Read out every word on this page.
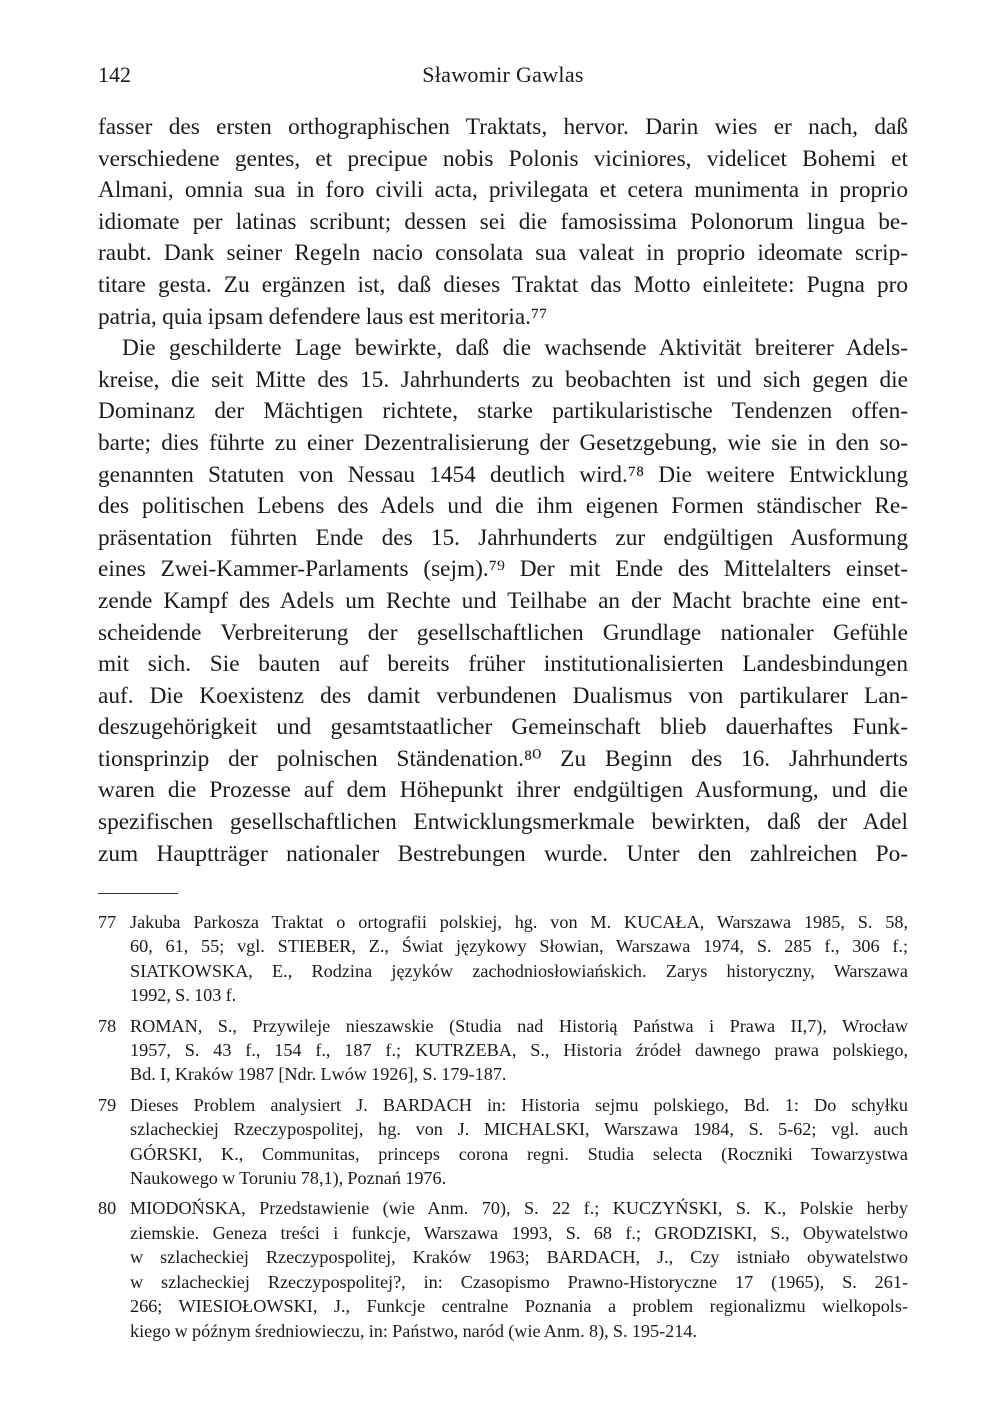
142	Sławomir Gawlas

fasser des ersten orthographischen Traktats, hervor. Darin wies er nach, daß
verschiedene gentes, et precipue nobis Polonis viciniores, videlicet Bohemi et
Almani, omnia sua in foro civili acta, privilegata et cetera munimenta in proprio
idiomate per latinas scribunt; dessen sei die famosissima Polonorum lingua be-
raubt. Dank seiner Regeln nacio consolata sua valeat in proprio ideomate scrip-
titare gesta. Zu ergänzen ist, daß dieses Traktat das Motto einleitete: Pugna pro
patria, quia ipsam defendere laus est meritoria.⁷⁷

Die geschilderte Lage bewirkte, daß die wachsende Aktivität breiterer Adels-
kreise, die seit Mitte des 15. Jahrhunderts zu beobachten ist und sich gegen die
Dominanz der Mächtigen richtete, starke partikularistische Tendenzen offen-
barte; dies führte zu einer Dezentralisierung der Gesetzgebung, wie sie in den so-
genannten Statuten von Nessau 1454 deutlich wird.⁷⁸ Die weitere Entwicklung
des politischen Lebens des Adels und die ihm eigenen Formen ständischer Re-
präsentation führten Ende des 15. Jahrhunderts zur endgültigen Ausformung
eines Zwei-Kammer-Parlaments (sejm).⁷⁹ Der mit Ende des Mittelalters einset-
zende Kampf des Adels um Rechte und Teilhabe an der Macht brachte eine ent-
scheidende Verbreiterung der gesellschaftlichen Grundlage nationaler Gefühle
mit sich. Sie bauten auf bereits früher institutionalisierten Landesbindungen
auf. Die Koexistenz des damit verbundenen Dualismus von partikularer Lan-
deszugehörigkeit und gesamtstaatlicher Gemeinschaft blieb dauerhaftes Funk-
tionsprinzip der polnischen Ständenation.⁸⁰ Zu Beginn des 16. Jahrhunderts
waren die Prozesse auf dem Höhepunkt ihrer endgültigen Ausformung, und die
spezifischen gesellschaftlichen Entwicklungsmerkmale bewirkten, daß der Adel
zum Hauptträger nationaler Bestrebungen wurde. Unter den zahlreichen Po-

77 Jakuba Parkosza Traktat o ortografii polskiej, hg. von M. KUCAŁA, Warszawa 1985, S. 58,
60, 61, 55; vgl. STIEBER, Z., Świat językowy Słowian, Warszawa 1974, S. 285 f., 306 f.;
SIATKOWSKA, E., Rodzina języków zachodniosłowiańskich. Zarys historyczny, Warszawa
1992, S. 103 f.
78 ROMAN, S., Przywileje nieszawskie (Studia nad Historią Państwa i Prawa II,7), Wrocław
1957, S. 43 f., 154 f., 187 f.; KUTRZEBA, S., Historia źródeł dawnego prawa polskiego,
Bd. I, Kraków 1987 [Ndr. Lwów 1926], S. 179-187.
79 Dieses Problem analysiert J. BARDACH in: Historia sejmu polskiego, Bd. 1: Do schyłku
szlacheckiej Rzeczypospolitej, hg. von J. MICHALSKI, Warszawa 1984, S. 5-62; vgl. auch
GÓRSKI, K., Communitas, princeps corona regni. Studia selecta (Roczniki Towarzystwa
Naukowego w Toruniu 78,1), Poznań 1976.
80 MIODOŃSKA, Przedstawienie (wie Anm. 70), S. 22 f.; KUCZYŃSKI, S. K., Polskie herby
ziemskie. Geneza treści i funkcje, Warszawa 1993, S. 68 f.; GRODZISKI, S., Obywatelstwo
w szlacheckiej Rzeczypospolitej, Kraków 1963; BARDACH, J., Czy istniało obywatelstwo
w szlacheckiej Rzeczypospolitej?, in: Czasopismo Prawno-Historyczne 17 (1965), S. 261-
266; WIESIOŁOWSKI, J., Funkcje centralne Poznania a problem regionalizmu wielkopols-
kiego w późnym średniowieczu, in: Państwo, naród (wie Anm. 8), S. 195-214.
